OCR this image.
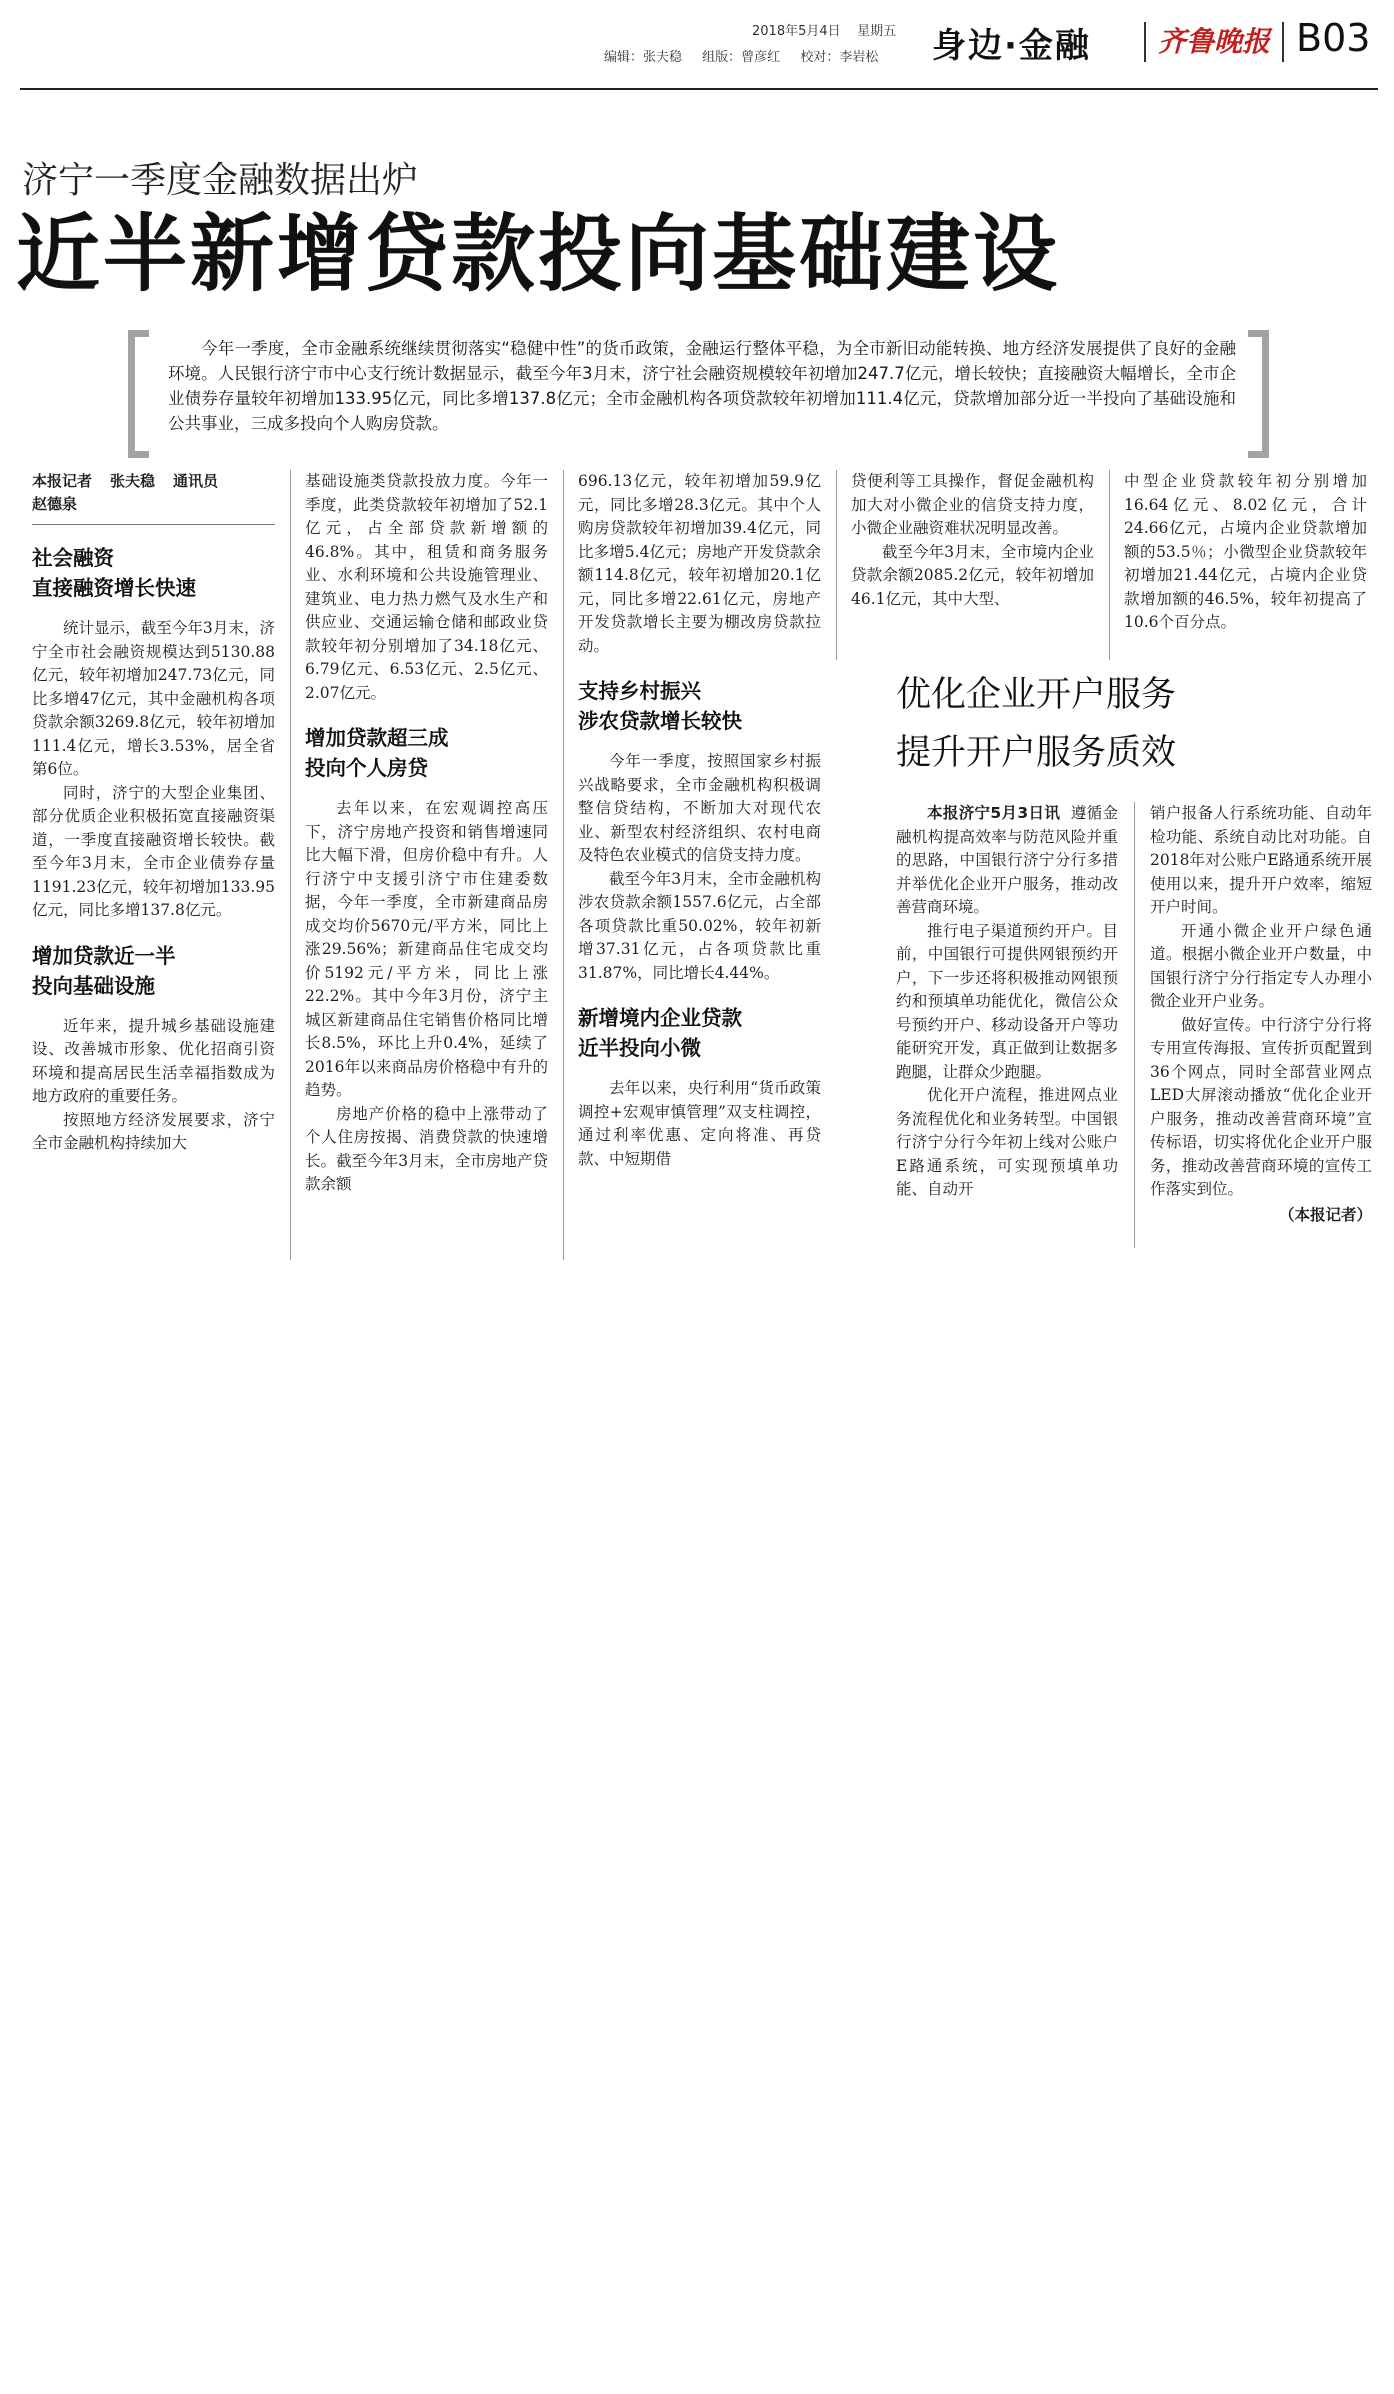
2018年5月4日 星期五
编辑：张夫稳 组版：曾彦红 校对：李岩松	身边·金融 齐鲁晚报 B03
济宁一季度金融数据出炉
近半新增贷款投向基础建设
今年一季度，全市金融系统继续贯彻落实“稳健中性”的货币政策，金融运行整体平稳，为全市新旧动能转换、地方经济发展提供了良好的金融环境。人民银行济宁市中心支行统计数据显示，截至今年3月末，济宁社会融资规模较年初增加247.7亿元，增长较快；直接融资大幅增长，全市企业债券存量较年初增加133.95亿元，同比多增137.8亿元；全市金融机构各项贷款较年初增加111.4亿元，贷款增加部分近一半投向了基础设施和公共事业，三成多投向个人购房贷款。
本报记者 张夫稳 通讯员
赵德泉
社会融资
直接融资增长快速

统计显示，截至今年3月末，济宁全市社会融资规模达到5130.88亿元，较年初增加247.73亿元，同比多增47亿元，其中金融机构各项贷款余额3269.8亿元，较年初增加111.4亿元，增长3.53%，居全省第6位。

同时，济宁的大型企业集团、部分优质企业积极拓宽直接融资渠道，一季度直接融资增长较快。截至今年3月末，全市企业债券存量1191.23亿元，较年初增加133.95亿元，同比多增137.8亿元。

增加贷款近一半
投向基础设施

近年来，提升城乡基础设施建设、改善城市形象、优化招商引资环境和提高居民生活幸福指数成为地方政府的重要任务。

按照地方经济发展要求，济宁全市金融机构持续加大

基础设施类贷款投放力度。今年一季度，此类贷款较年初增加了52.1亿元，占全部贷款新增额的46.8%。其中，租赁和商务服务业、水利环境和公共设施管理业、建筑业、电力热力燃气及水生产和供应业、交通运输仓储和邮政业贷款较年初分别增加了34.18亿元、6.79亿元、6.53亿元、2.5亿元、2.07亿元。

增加贷款超三成
投向个人房贷

去年以来，在宏观调控高压下，济宁房地产投资和销售增速同比大幅下滑，但房价稳中有升。人行济宁中支援引济宁市住建委数据，今年一季度，全市新建商品房成交均价5670元/平方米，同比上涨29.56%；新建商品住宅成交均价5192元/平方米，同比上涨22.2%。其中今年3月份，济宁主城区新建商品住宅销售价格同比增长8.5%，环比上升0.4%，延续了2016年以来商品房价格稳中有升的趋势。

房地产价格的稳中上涨带动了个人住房按揭、消费贷款的快速增长。截至今年3月末，全市房地产贷款余额

696.13亿元，较年初增加59.9亿元，同比多增28.3亿元。其中个人购房贷款较年初增加39.4亿元，同比多增5.4亿元；房地产开发贷款余额114.8亿元，较年初增加20.1亿元，同比多增22.61亿元，房地产开发贷款增长主要为棚改房贷款拉动。

支持乡村振兴
涉农贷款增长较快

今年一季度，按照国家乡村振兴战略要求，全市金融机构积极调整信贷结构，不断加大对现代农业、新型农村经济组织、农村电商及特色农业模式的信贷支持力度。

截至今年3月末，全市金融机构涉农贷款余额1557.6亿元，占全部各项贷款比重50.02%，较年初新增37.31亿元，占各项贷款比重31.87%，同比增长4.44%。

新增境内企业贷款
近半投向小微

去年以来，央行利用“货币政策调控+宏观审慎管理”双支柱调控，通过利率优惠、定向将准、再贷款、中短期借

贷便利等工具操作，督促金融机构加大对小微企业的信贷支持力度，小微企业融资难状况明显改善。

截至今年3月末，全市境内企业贷款余额2085.2亿元，较年初增加46.1亿元，其中大型、

中型企业贷款较年初分别增加16.64亿元、8.02亿元，合计24.66亿元，占境内企业贷款增加额的53.5％；小微型企业贷款较年初增加21.44亿元，占境内企业贷款增加额的46.5%，较年初提高了10.6个百分点。

优化企业开户服务
提升开户服务质效

本报济宁5月3日讯 遵循金融机构提高效率与防范风险并重的思路，中国银行济宁分行多措并举优化企业开户服务，推动改善营商环境。

推行电子渠道预约开户。目前，中国银行可提供网银预约开户，下一步还将积极推动网银预约和预填单功能优化，微信公众号预约开户、移动设备开户等功能研究开发，真正做到让数据多跑腿，让群众少跑腿。

优化开户流程，推进网点业务流程优化和业务转型。中国银行济宁分行今年初上线对公账户E路通系统，可实现预填单功能、自动开

销户报备人行系统功能、自动年检功能、系统自动比对功能。自2018年对公账户E路通系统开展使用以来，提升开户效率，缩短开户时间。

开通小微企业开户绿色通道。根据小微企业开户数量，中国银行济宁分行指定专人办理小微企业开户业务。

做好宣传。中行济宁分行将专用宣传海报、宣传折页配置到36个网点，同时全部营业网点LED大屏滚动播放“优化企业开户服务，推动改善营商环境”宣传标语，切实将优化企业开户服务，推动改善营商环境的宣传工作落实到位。

（本报记者）
